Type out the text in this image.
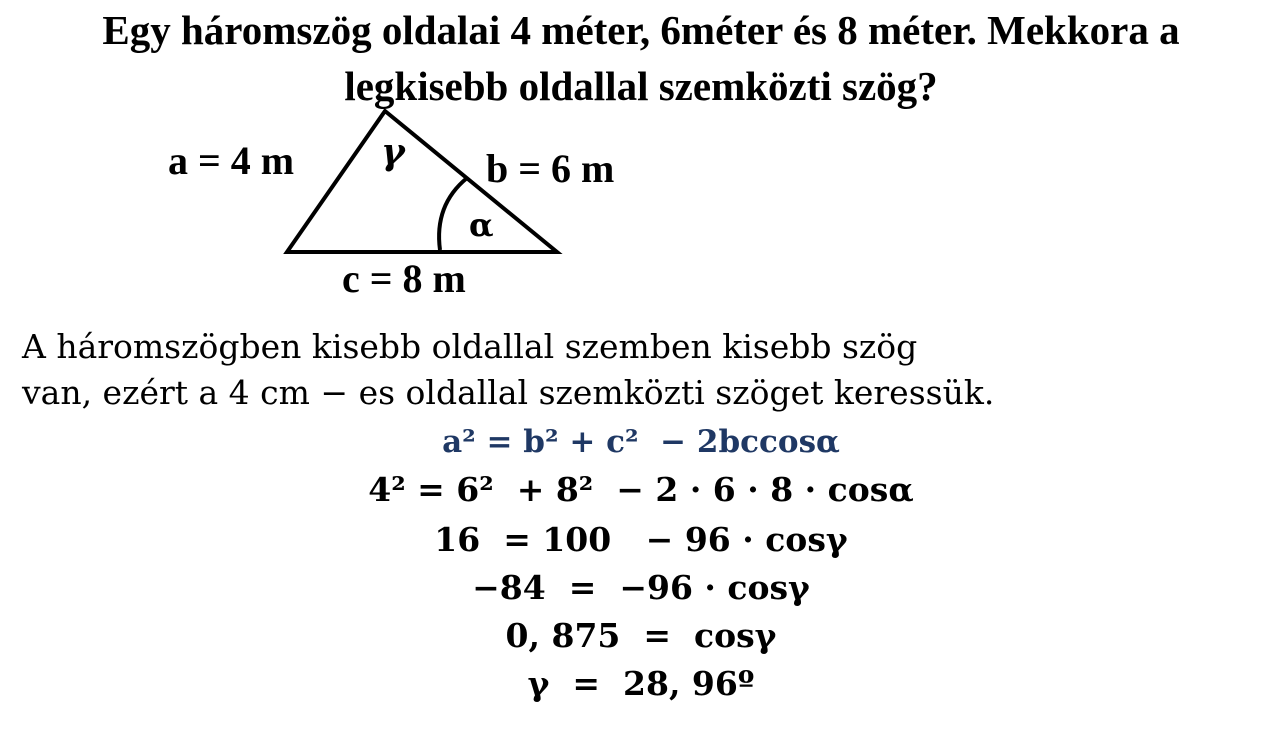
Egy háromszög oldalai 4 méter, 6méter és 8 méter. Mekkora a
legkisebb oldallal szemközti szög?
a = 4 m	b = 6 m
c = 8 m
γ
α
A háromszögben kisebb oldallal szemben kisebb szög
van, ezért a 4 cm − es oldallal szemközti szöget keressük.
a² = b² + c²  − 2bccosα
4² = 6²  + 8²  − 2 · 6 · 8 · cosα
16  = 100   − 96 · cosγ
−84  =  −96 · cosγ
0, 875  =  cosγ
γ  =  28, 96º
